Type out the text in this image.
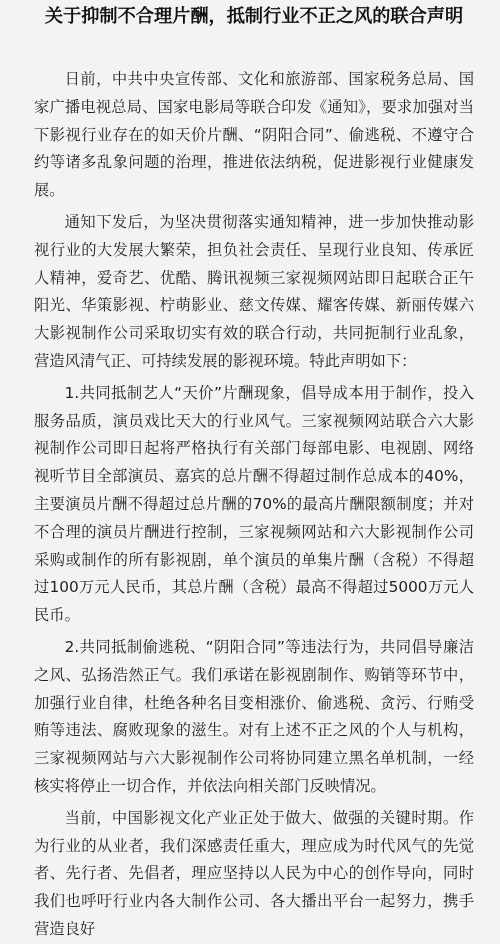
关于抑制不合理片酬，抵制行业不正之风的联合声明

日前，中共中央宣传部、文化和旅游部、国家税务总局、国家广播电视总局、国家电影局等联合印发《通知》，要求加强对当下影视行业存在的如天价片酬、“阴阳合同”、偷逃税、不遵守合约等诸多乱象问题的治理，推进依法纳税，促进影视行业健康发展。

通知下发后，为坚决贯彻落实通知精神，进一步加快推动影视行业的大发展大繁荣，担负社会责任、呈现行业良知、传承匠人精神，爱奇艺、优酷、腾讯视频三家视频网站即日起联合正午阳光、华策影视、柠萌影业、慈文传媒、耀客传媒、新丽传媒六大影视制作公司采取切实有效的联合行动，共同扼制行业乱象，营造风清气正、可持续发展的影视环境。特此声明如下：

1.共同抵制艺人“天价”片酬现象，倡导成本用于制作，投入服务品质，演员戏比天大的行业风气。三家视频网站联合六大影视制作公司即日起将严格执行有关部门每部电影、电视剧、网络视听节目全部演员、嘉宾的总片酬不得超过制作总成本的40%，主要演员片酬不得超过总片酬的70%的最高片酬限额制度；并对不合理的演员片酬进行控制，三家视频网站和六大影视制作公司采购或制作的所有影视剧，单个演员的单集片酬（含税）不得超过100万元人民币，其总片酬（含税）最高不得超过5000万元人民币。

2.共同抵制偷逃税、“阴阳合同”等违法行为，共同倡导廉洁之风、弘扬浩然正气。我们承诺在影视剧制作、购销等环节中，加强行业自律，杜绝各种名目变相涨价、偷逃税、贪污、行贿受贿等违法、腐败现象的滋生。对有上述不正之风的个人与机构，三家视频网站与六大影视制作公司将协同建立黑名单机制，一经核实将停止一切合作，并依法向相关部门反映情况。

当前，中国影视文化产业正处于做大、做强的关键时期。作为行业的从业者，我们深感责任重大，理应成为时代风气的先觉者、先行者、先倡者，理应坚持以人民为中心的创作导向，同时我们也呼吁行业内各大制作公司、各大播出平台一起努力，携手营造良好
